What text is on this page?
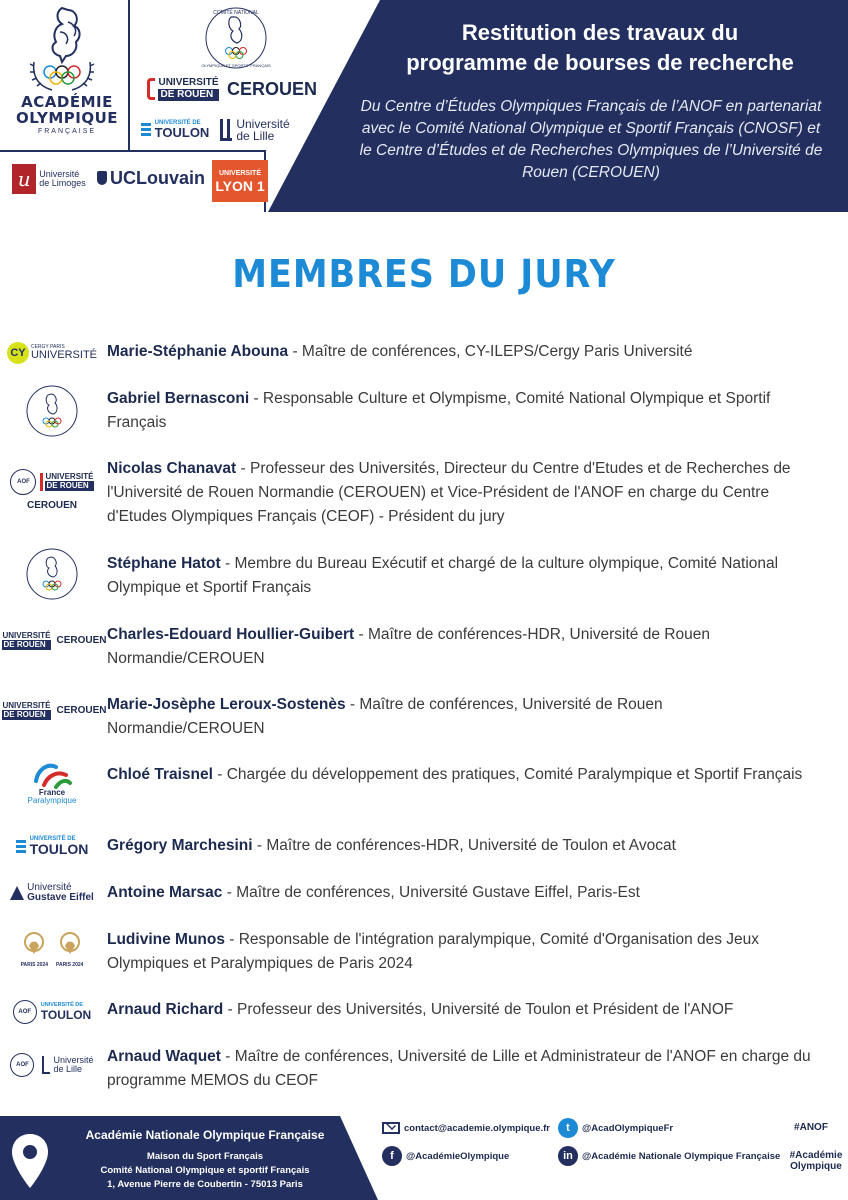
ACADÉMIE
OLYMPIQUE
FRANÇAISE
COMITÉ NATIONAL
OLYMPIQUE ET SPORTIF FRANÇAIS
UNIVERSITÉ
DE ROUEN CEROUEN
UNIVERSITÉ DE
TOULON
Université
de Lille
u Université
de Limoges UCLouvain UNIVERSITÉ
LYON 1
Restitution des travaux du
programme de bourses de recherche
Du Centre d’Études Olympiques Français de l’ANOF en partenariat avec le Comité National Olympique et Sportif Français (CNOSF) et le Centre d’Études et de Recherches Olympiques de l’Université de Rouen (CEROUEN)
MEMBRES DU JURY
CY	CERGY PARIS
UNIVERSITÉ Marie-Stéphanie Abouna - Maître de conférences, CY-ILEPS/Cergy Paris Université
Gabriel Bernasconi - Responsable Culture et Olympisme, Comité National Olympique et Sportif Français
AOF
UNIVERSITÉ
DE ROUEN
CEROUEN
Nicolas Chanavat - Professeur des Universités, Directeur du Centre d'Etudes et de Recherches de l'Université de Rouen Normandie (CEROUEN) et Vice-Président de l'ANOF en charge du Centre d'Etudes Olympiques Français (CEOF) - Président du jury
Stéphane Hatot - Membre du Bureau Exécutif et chargé de la culture olympique, Comité National Olympique et Sportif Français
UNIVERSITÉ
DE ROUEN	CEROUEN Charles-Edouard Houllier-Guibert - Maître de conférences-HDR, Université de Rouen Normandie/CEROUEN
UNIVERSITÉ
DE ROUEN	CEROUEN Marie-Josèphe Leroux-Sostenès - Maître de conférences, Université de Rouen Normandie/CEROUEN
France
Paralympique
Chloé Traisnel - Chargée du développement des pratiques, Comité Paralympique et Sportif Français
UNIVERSITÉ DE
TOULON Grégory Marchesini - Maître de conférences-HDR, Université de Toulon et Avocat
Université
Gustave Eiffel Antoine Marsac - Maître de conférences, Université Gustave Eiffel, Paris-Est
PARIS 2024 PARIS 2024
Ludivine Munos - Responsable de l'intégration paralympique, Comité d'Organisation des Jeux Olympiques et Paralympiques de Paris 2024
AOF
UNIVERSITÉ DE
TOULON Arnaud Richard - Professeur des Universités, Université de Toulon et Président de l'ANOF
AOF	Université
de Lille
Arnaud Waquet - Maître de conférences, Université de Lille et Administrateur de l'ANOF en charge du programme MEMOS du CEOF
Académie Nationale Olympique Française
Maison du Sport Français
Comité National Olympique et sportif Français
1, Avenue Pierre de Coubertin - 75013 Paris
contact@academie.olympique.fr	t	@AcadOlympiqueFr
f	@AcadémieOlympique	in @Académie Nationale Olympique Française
#ANOF
#Académie
Olympique
